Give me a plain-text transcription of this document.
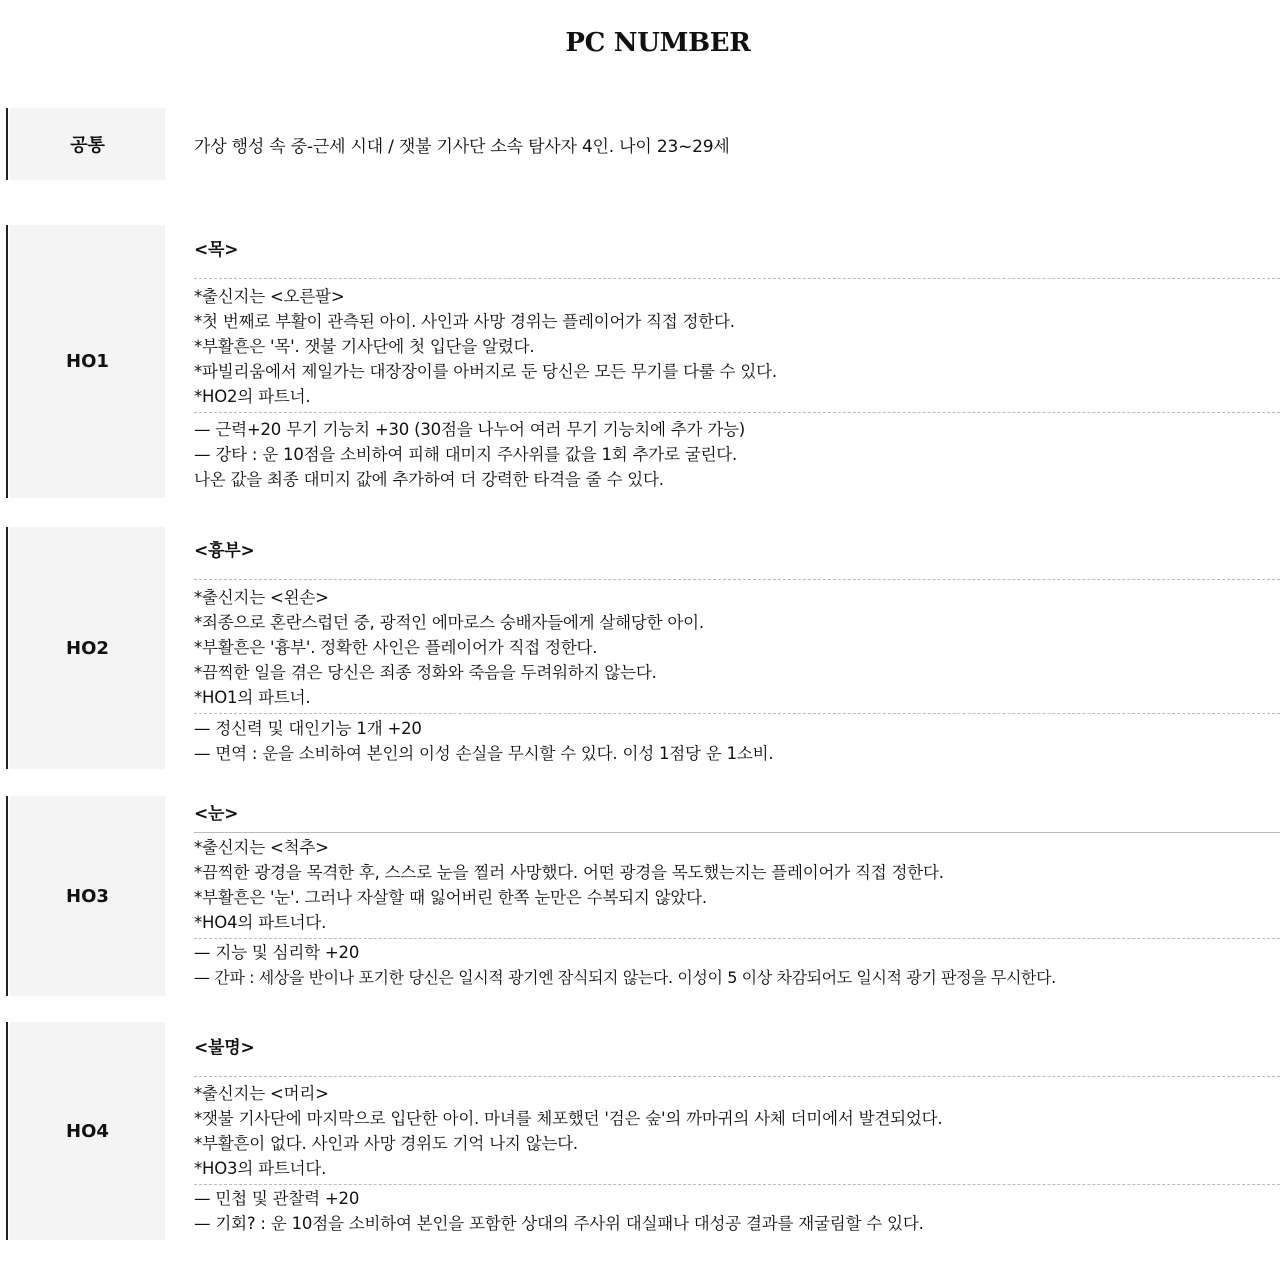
PC NUMBER
공통	가상 행성 속 중-근세 시대 / 잿불 기사단 소속 탐사자 4인. 나이 23~29세
HO1
<목>
*출신지는 <오른팔>
*첫 번째로 부활이 관측된 아이. 사인과 사망 경위는 플레이어가 직접 정한다.
*부활흔은 '목'. 잿불 기사단에 첫 입단을 알렸다.
*파빌리움에서 제일가는 대장장이를 아버지로 둔 당신은 모든 무기를 다룰 수 있다.
*HO2의 파트너.
— 근력+20 무기 기능치 +30 (30점을 나누어 여러 무기 기능치에 추가 가능)
— 강타 : 운 10점을 소비하여 피해 대미지 주사위를 값을 1회 추가로 굴린다.
나온 값을 최종 대미지 값에 추가하여 더 강력한 타격을 줄 수 있다.
HO2
<흉부>
*출신지는 <왼손>
*죄종으로 혼란스럽던 중, 광적인 에마로스 숭배자들에게 살해당한 아이.
*부활흔은 '흉부'. 정확한 사인은 플레이어가 직접 정한다.
*끔찍한 일을 겪은 당신은 죄종 정화와 죽음을 두려워하지 않는다.
*HO1의 파트너.
— 정신력 및 대인기능 1개 +20
— 면역 : 운을 소비하여 본인의 이성 손실을 무시할 수 있다. 이성 1점당 운 1소비.
HO3
<눈>
*출신지는 <척추>
*끔찍한 광경을 목격한 후, 스스로 눈을 찔러 사망했다. 어떤 광경을 목도했는지는 플레이어가 직접 정한다.
*부활흔은 '눈'. 그러나 자살할 때 잃어버린 한쪽 눈만은 수복되지 않았다.
*HO4의 파트너다.
— 지능 및 심리학 +20
— 간파 : 세상을 반이나 포기한 당신은 일시적 광기엔 잠식되지 않는다. 이성이 5 이상 차감되어도 일시적 광기 판정을 무시한다.
HO4
<불명>
*출신지는 <머리>
*잿불 기사단에 마지막으로 입단한 아이. 마녀를 체포했던 '검은 숲'의 까마귀의 사체 더미에서 발견되었다.
*부활흔이 없다. 사인과 사망 경위도 기억 나지 않는다.
*HO3의 파트너다.
— 민첩 및 관찰력 +20
— 기회? : 운 10점을 소비하여 본인을 포함한 상대의 주사위 대실패나 대성공 결과를 재굴림할 수 있다.
